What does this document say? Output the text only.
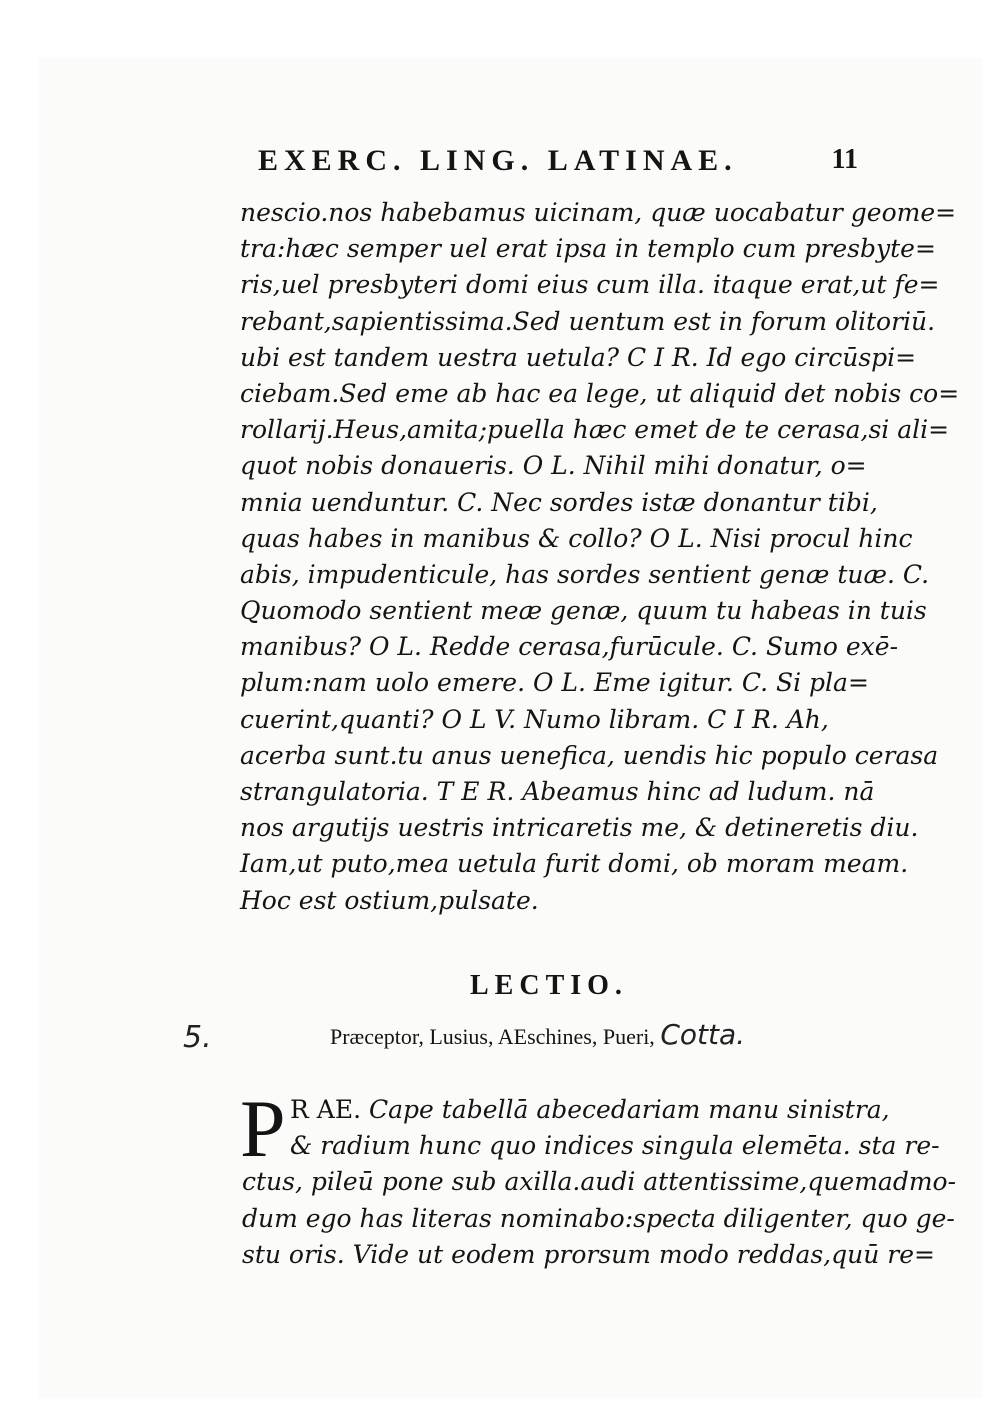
EXERC. LING. LATINAE.	11
nescio.nos habebamus uicinam, quæ uocabatur geome=
tra:hæc semper uel erat ipsa in templo cum presbyte=
ris,uel presbyteri domi eius cum illa. itaque erat,ut fe=
rebant,sapientissima.Sed uentum est in forum olitoriū.
ubi est tandem uestra uetula? C I R. Id ego circūspi=
ciebam.Sed eme ab hac ea lege, ut aliquid det nobis co=
rollarij.Heus,amita;puella hæc emet de te cerasa,si ali=
quot nobis donaueris. O L. Nihil mihi donatur, o=
mnia uenduntur. C. Nec sordes istæ donantur tibi,
quas habes in manibus & collo? O L. Nisi procul hinc
abis, impudenticule, has sordes sentient genæ tuæ. C.
Quomodo sentient meæ genæ, quum tu habeas in tuis
manibus? O L. Redde cerasa,furūcule. C. Sumo exē-
plum:nam uolo emere. O L. Eme igitur. C. Si pla=
cuerint,quanti? O L V. Numo libram. C I R. Ah,
acerba sunt.tu anus uenefica, uendis hic populo cerasa
strangulatoria. T E R. Abeamus hinc ad ludum. nā
nos argutijs uestris intricaretis me, & detineretis diu.
Iam,ut puto,mea uetula furit domi, ob moram meam.
Hoc est ostium,pulsate.
LECTIO.
5.	Præceptor, Lusius, AEschines, Pueri, Cotta.
P R AE. Cape tabellā abecedariam manu sinistra,
& radium hunc quo indices singula elemēta. sta re-
ctus, pileū pone sub axilla.audi attentissime,quemadmo-
dum ego has literas nominabo:specta diligenter, quo ge-
stu oris. Vide ut eodem prorsum modo reddas,quū re=
